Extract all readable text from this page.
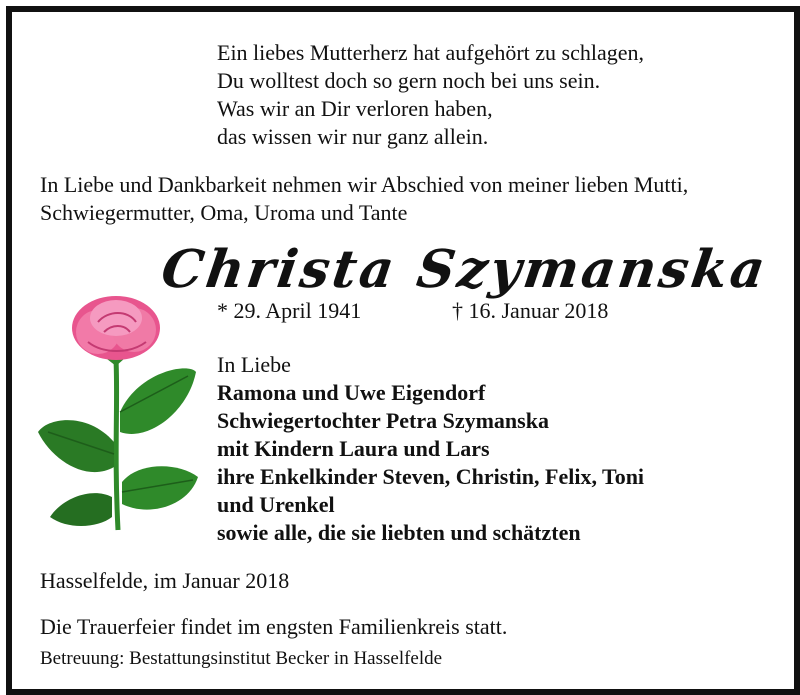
Ein liebes Mutterherz hat aufgehört zu schlagen,
Du wolltest doch so gern noch bei uns sein.
Was wir an Dir verloren haben,
das wissen wir nur ganz allein.
In Liebe und Dankbarkeit nehmen wir Abschied von meiner lieben Mutti,
Schwiegermutter, Oma, Uroma und Tante
Christa Szymanska
* 29. April 1941	† 16. Januar 2018
In Liebe
Ramona und Uwe Eigendorf
Schwiegertochter Petra Szymanska
mit Kindern Laura und Lars
ihre Enkelkinder Steven, Christin, Felix, Toni
und Urenkel
sowie alle, die sie liebten und schätzten
Hasselfelde, im Januar 2018
Die Trauerfeier findet im engsten Familienkreis statt.
Betreuung: Bestattungsinstitut Becker in Hasselfelde
